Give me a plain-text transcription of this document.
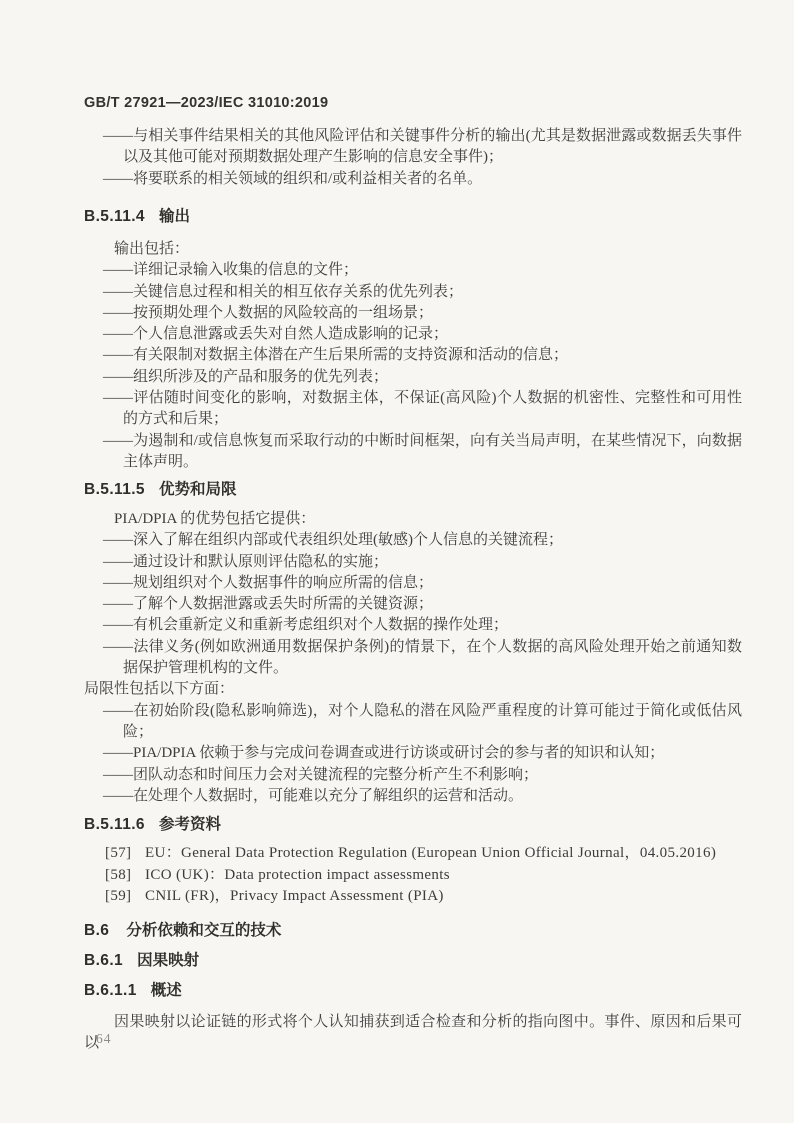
GB/T 27921—2023/IEC 31010:2019
——与相关事件结果相关的其他风险评估和关键事件分析的输出(尤其是数据泄露或数据丢失事件以及其他可能对预期数据处理产生影响的信息安全事件)；
——将要联系的相关领域的组织和/或利益相关者的名单。
B.5.11.4 输出
输出包括：
——详细记录输入收集的信息的文件；
——关键信息过程和相关的相互依存关系的优先列表；
——按预期处理个人数据的风险较高的一组场景；
——个人信息泄露或丢失对自然人造成影响的记录；
——有关限制对数据主体潜在产生后果所需的支持资源和活动的信息；
——组织所涉及的产品和服务的优先列表；
——评估随时间变化的影响，对数据主体，不保证(高风险)个人数据的机密性、完整性和可用性的方式和后果；
——为遏制和/或信息恢复而采取行动的中断时间框架，向有关当局声明，在某些情况下，向数据主体声明。
B.5.11.5 优势和局限
PIA/DPIA 的优势包括它提供：
——深入了解在组织内部或代表组织处理(敏感)个人信息的关键流程；
——通过设计和默认原则评估隐私的实施；
——规划组织对个人数据事件的响应所需的信息；
——了解个人数据泄露或丢失时所需的关键资源；
——有机会重新定义和重新考虑组织对个人数据的操作处理；
——法律义务(例如欧洲通用数据保护条例)的情景下，在个人数据的高风险处理开始之前通知数据保护管理机构的文件。
局限性包括以下方面：
——在初始阶段(隐私影响筛选)，对个人隐私的潜在风险严重程度的计算可能过于简化或低估风险；
——PIA/DPIA 依赖于参与完成问卷调查或进行访谈或研讨会的参与者的知识和认知；
——团队动态和时间压力会对关键流程的完整分析产生不利影响；
——在处理个人数据时，可能难以充分了解组织的运营和活动。
B.5.11.6 参考资料
[57] EU：General Data Protection Regulation (European Union Official Journal，04.05.2016)
[58] ICO (UK)：Data protection impact assessments
[59] CNIL (FR)，Privacy Impact Assessment (PIA)
B.6 分析依赖和交互的技术
B.6.1 因果映射
B.6.1.1 概述
因果映射以论证链的形式将个人认知捕获到适合检查和分析的指向图中。事件、原因和后果可以
64
